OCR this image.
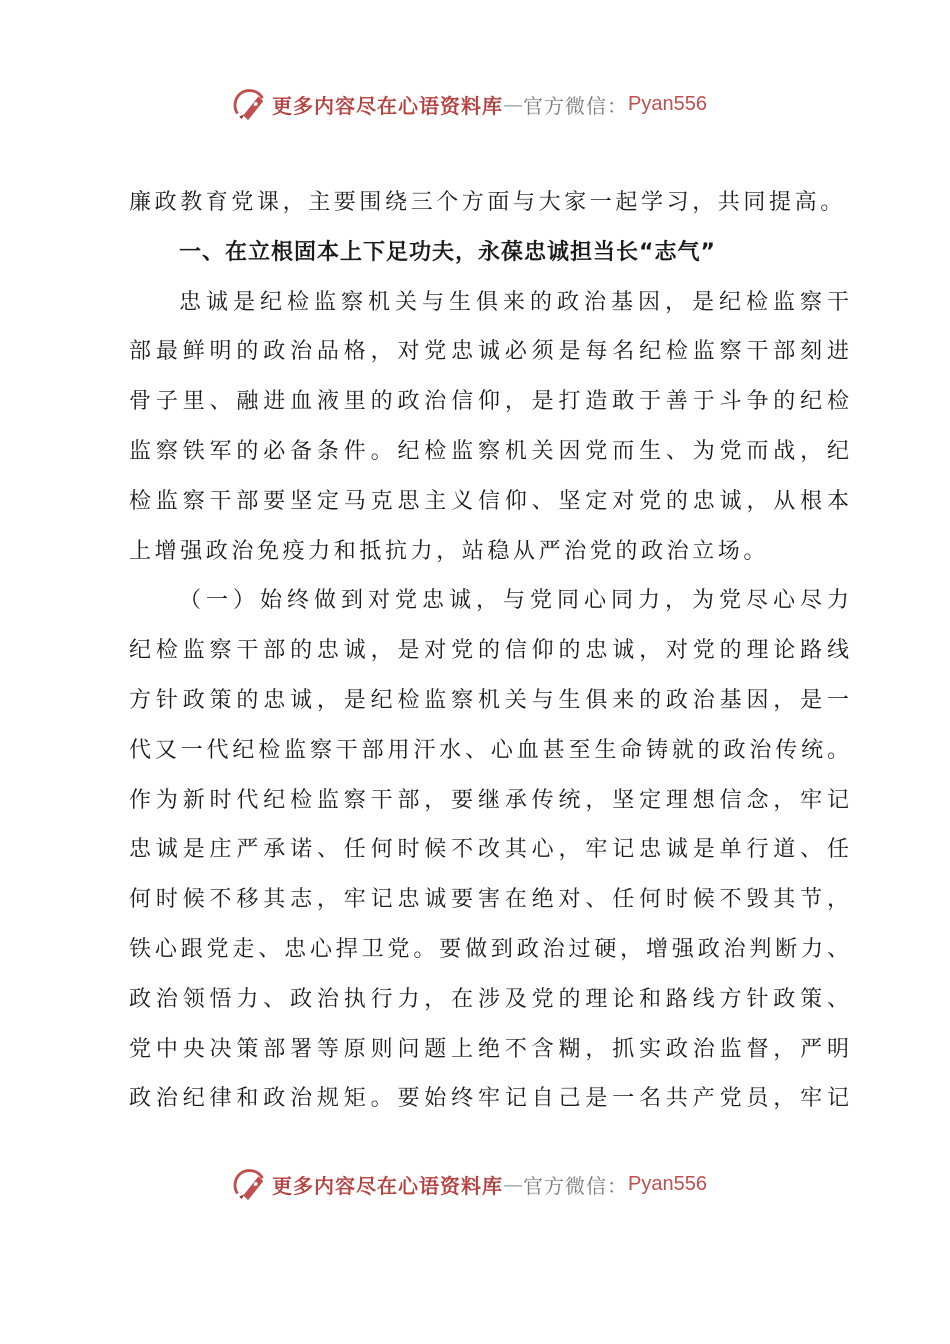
更多内容尽在心语资料库 — 官方微信： Pyan556
廉政教育党课，主要围绕三个方面与大家一起学习，共同提高。
一、在立根固本上下足功夫，永葆忠诚担当长“志气”
忠诚是纪检监察机关与生俱来的政治基因，是纪检监察干
部最鲜明的政治品格，对党忠诚必须是每名纪检监察干部刻进
骨子里、融进血液里的政治信仰，是打造敢于善于斗争的纪检
监察铁军的必备条件。纪检监察机关因党而生、为党而战，纪
检监察干部要坚定马克思主义信仰、坚定对党的忠诚，从根本
上增强政治免疫力和抵抗力，站稳从严治党的政治立场。
（一）始终做到对党忠诚，与党同心同力，为党尽心尽力
纪检监察干部的忠诚，是对党的信仰的忠诚，对党的理论路线
方针政策的忠诚，是纪检监察机关与生俱来的政治基因，是一
代又一代纪检监察干部用汗水、心血甚至生命铸就的政治传统。
作为新时代纪检监察干部，要继承传统，坚定理想信念，牢记
忠诚是庄严承诺、任何时候不改其心，牢记忠诚是单行道、任
何时候不移其志，牢记忠诚要害在绝对、任何时候不毁其节，
铁心跟党走、忠心捍卫党。要做到政治过硬，增强政治判断力、
政治领悟力、政治执行力，在涉及党的理论和路线方针政策、
党中央决策部署等原则问题上绝不含糊，抓实政治监督，严明
政治纪律和政治规矩。要始终牢记自己是一名共产党员，牢记
更多内容尽在心语资料库 — 官方微信： Pyan556
